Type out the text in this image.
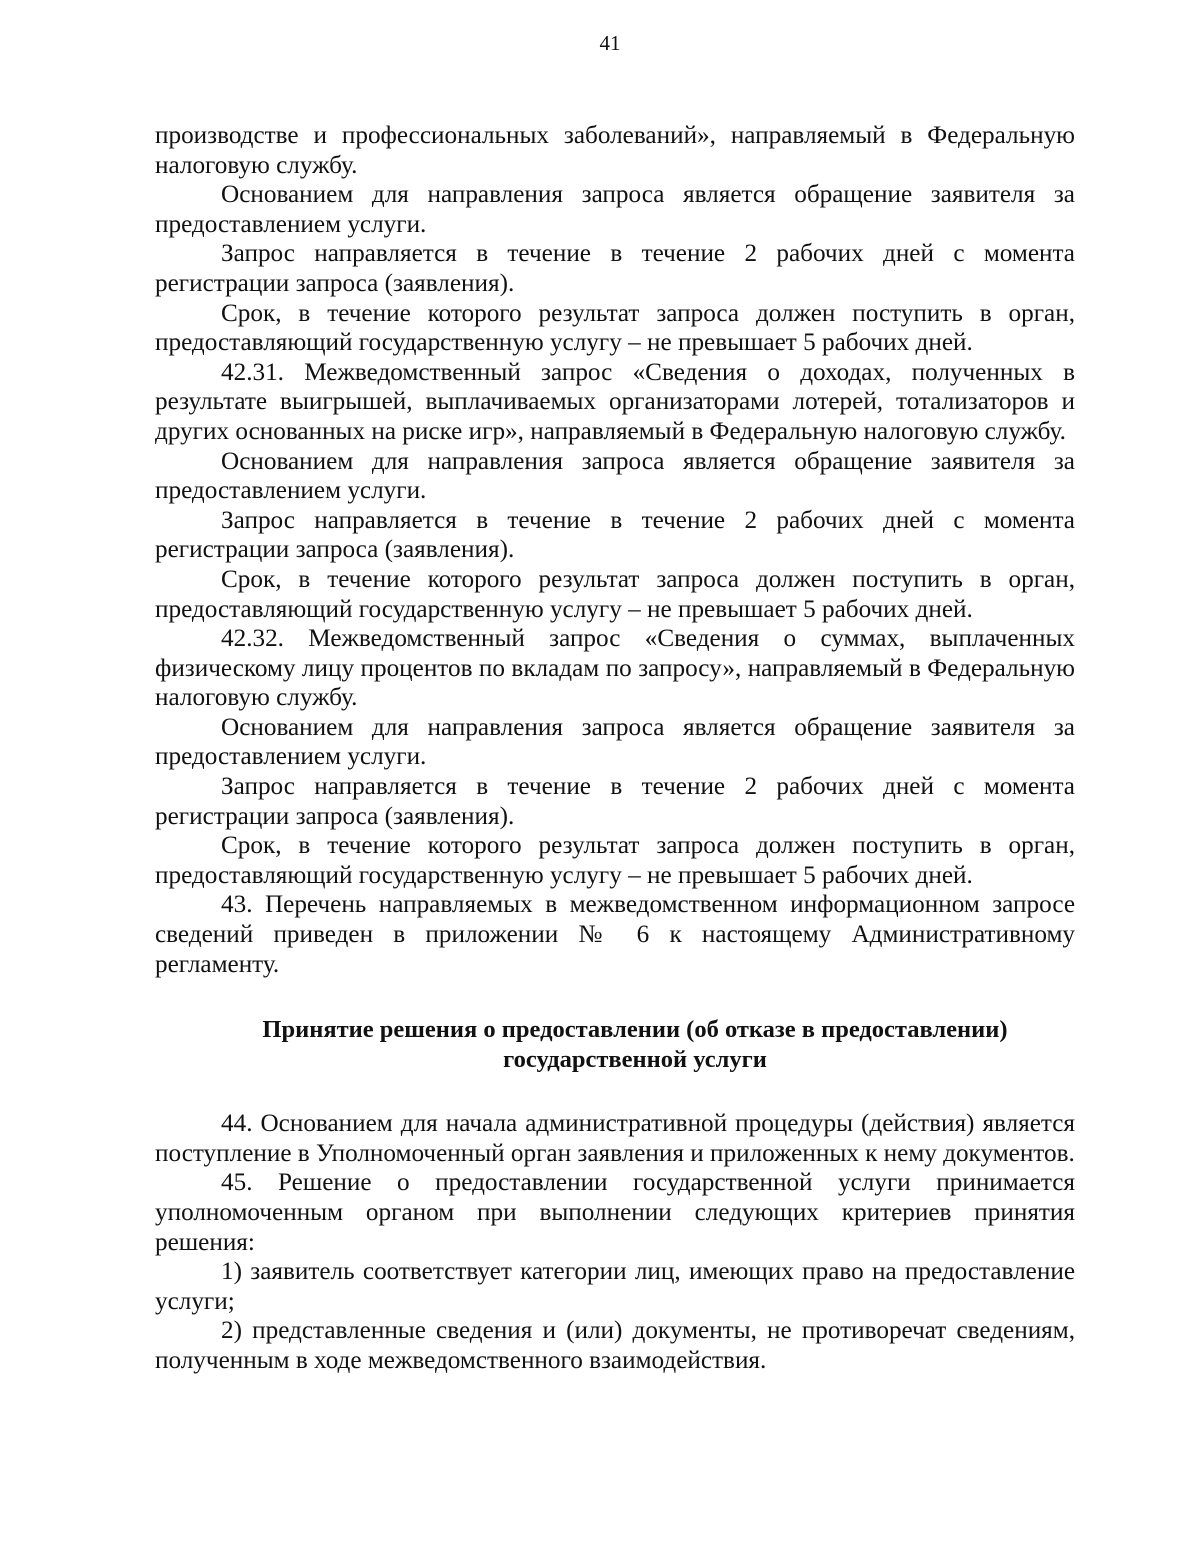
41

производстве и профессиональных заболеваний», направляемый в Федеральную налоговую службу.

Основанием для направления запроса является обращение заявителя за предоставлением услуги.

Запрос направляется в течение в течение 2 рабочих дней с момента регистрации запроса (заявления).

Срок, в течение которого результат запроса должен поступить в орган, предоставляющий государственную услугу – не превышает 5 рабочих дней.

42.31. Межведомственный запрос «Сведения о доходах, полученных в результате выигрышей, выплачиваемых организаторами лотерей, тотализаторов и других основанных на риске игр», направляемый в Федеральную налоговую службу.

Основанием для направления запроса является обращение заявителя за предоставлением услуги.

Запрос направляется в течение в течение 2 рабочих дней с момента регистрации запроса (заявления).

Срок, в течение которого результат запроса должен поступить в орган, предоставляющий государственную услугу – не превышает 5 рабочих дней.

42.32. Межведомственный запрос «Сведения о суммах, выплаченных физическому лицу процентов по вкладам по запросу», направляемый в Федеральную налоговую службу.

Основанием для направления запроса является обращение заявителя за предоставлением услуги.

Запрос направляется в течение в течение 2 рабочих дней с момента регистрации запроса (заявления).

Срок, в течение которого результат запроса должен поступить в орган, предоставляющий государственную услугу – не превышает 5 рабочих дней.

43. Перечень направляемых в межведомственном информационном запросе сведений приведен в приложении № 6 к настоящему Административному регламенту.

Принятие решения о предоставлении (об отказе в предоставлении)
государственной услуги

44. Основанием для начала административной процедуры (действия) является поступление в Уполномоченный орган заявления и приложенных к нему документов.

45. Решение о предоставлении государственной услуги принимается уполномоченным органом при выполнении следующих критериев принятия решения:

1) заявитель соответствует категории лиц, имеющих право на предоставление услуги;

2) представленные сведения и (или) документы, не противоречат сведениям, полученным в ходе межведомственного взаимодействия.
